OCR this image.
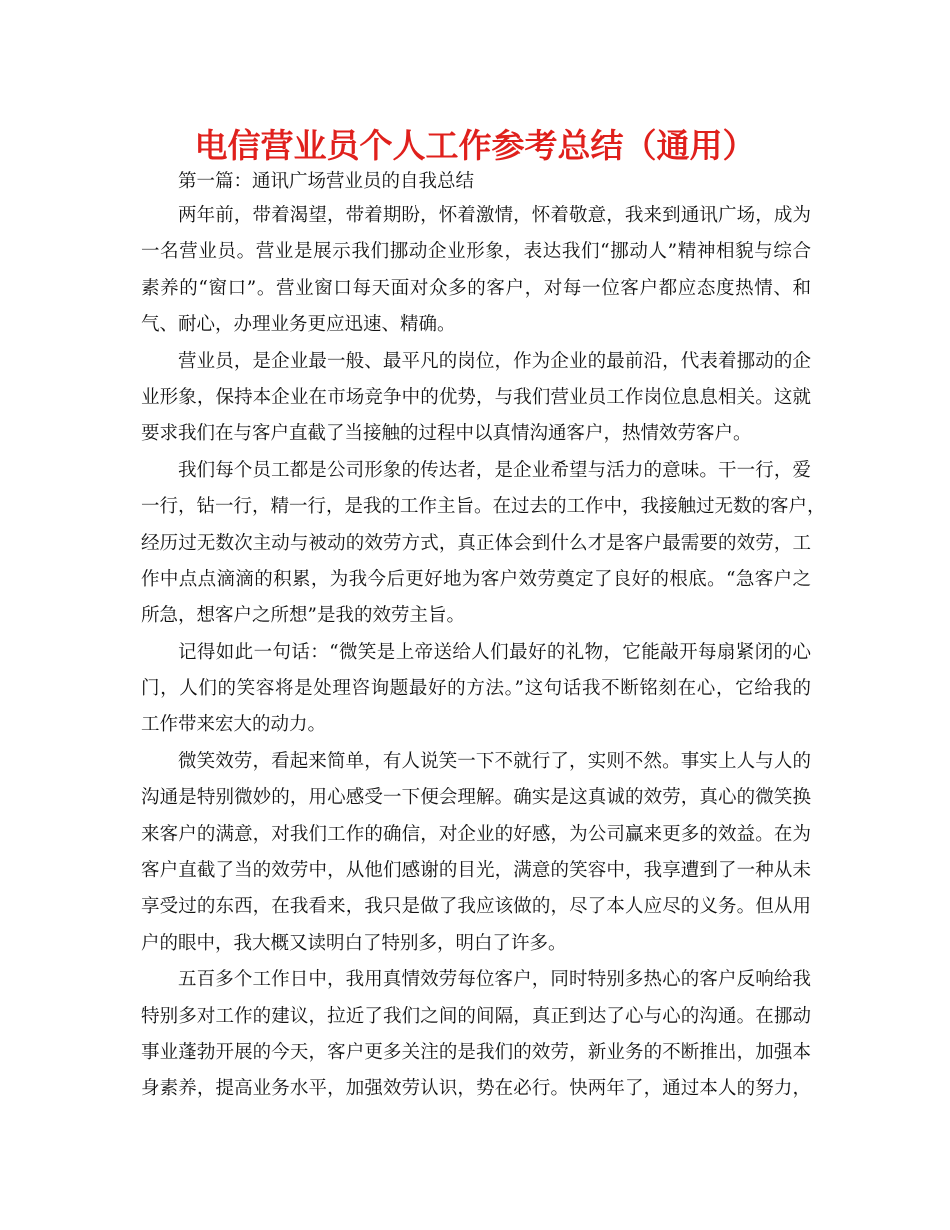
电信营业员个人工作参考总结（通用）
第一篇：通讯广场营业员的自我总结
两年前，带着渴望，带着期盼，怀着激情，怀着敬意，我来到通讯广场，成为
一名营业员。营业是展示我们挪动企业形象，表达我们“挪动人”精神相貌与综合
素养的“窗口”。营业窗口每天面对众多的客户，对每一位客户都应态度热情、和
气、耐心，办理业务更应迅速、精确。
营业员，是企业最一般、最平凡的岗位，作为企业的最前沿，代表着挪动的企
业形象，保持本企业在市场竞争中的优势，与我们营业员工作岗位息息相关。这就
要求我们在与客户直截了当接触的过程中以真情沟通客户，热情效劳客户。
我们每个员工都是公司形象的传达者，是企业希望与活力的意味。干一行，爱
一行，钻一行，精一行，是我的工作主旨。在过去的工作中，我接触过无数的客户，
经历过无数次主动与被动的效劳方式，真正体会到什么才是客户最需要的效劳，工
作中点点滴滴的积累，为我今后更好地为客户效劳奠定了良好的根底。“急客户之
所急，想客户之所想”是我的效劳主旨。
记得如此一句话：“微笑是上帝送给人们最好的礼物，它能敲开每扇紧闭的心
门，人们的笑容将是处理咨询题最好的方法。”这句话我不断铭刻在心，它给我的
工作带来宏大的动力。
微笑效劳，看起来简单，有人说笑一下不就行了，实则不然。事实上人与人的
沟通是特别微妙的，用心感受一下便会理解。确实是这真诚的效劳，真心的微笑换
来客户的满意，对我们工作的确信，对企业的好感，为公司赢来更多的效益。在为
客户直截了当的效劳中，从他们感谢的目光，满意的笑容中，我享遭到了一种从未
享受过的东西，在我看来，我只是做了我应该做的，尽了本人应尽的义务。但从用
户的眼中，我大概又读明白了特别多，明白了许多。
五百多个工作日中，我用真情效劳每位客户，同时特别多热心的客户反响给我
特别多对工作的建议，拉近了我们之间的间隔，真正到达了心与心的沟通。在挪动
事业蓬勃开展的今天，客户更多关注的是我们的效劳，新业务的不断推出，加强本
身素养，提高业务水平，加强效劳认识，势在必行。快两年了，通过本人的努力，
